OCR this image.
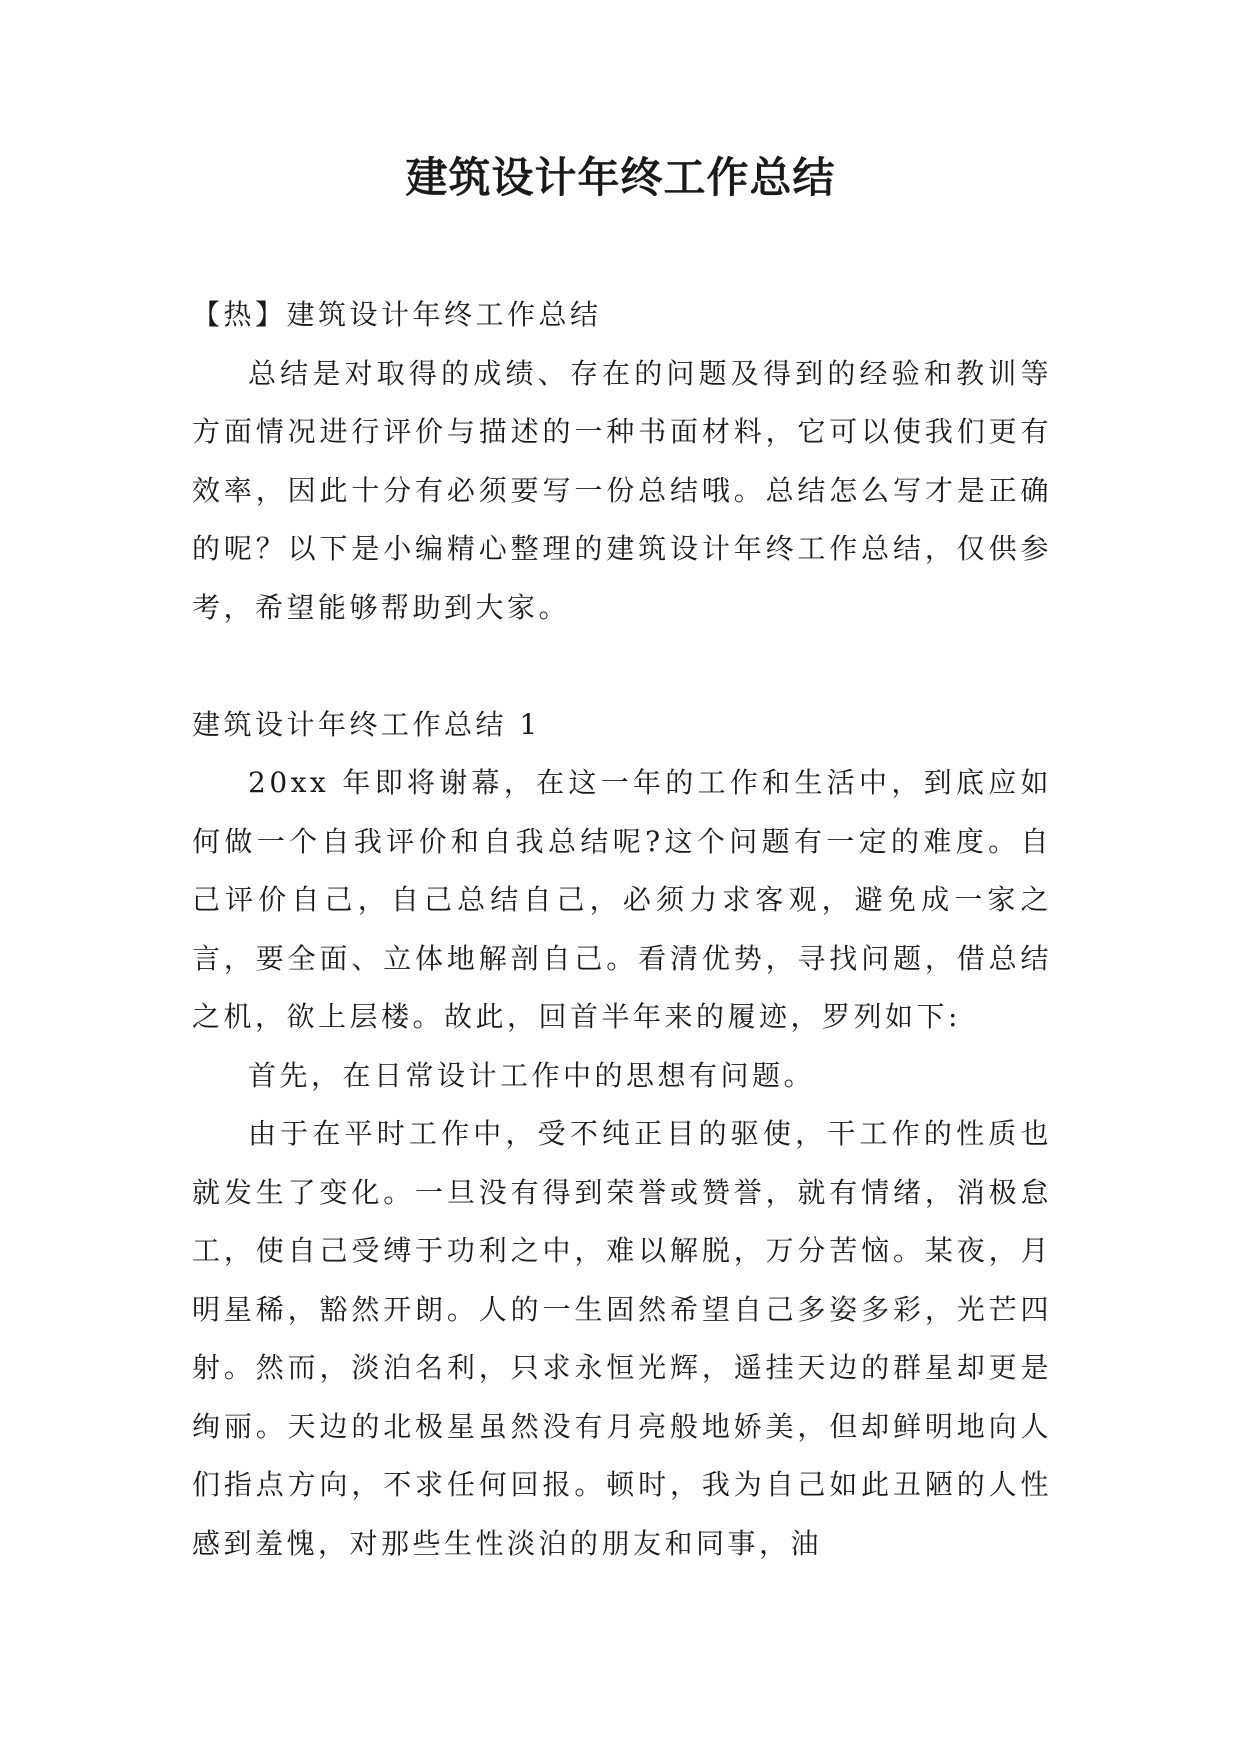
建筑设计年终工作总结

【热】建筑设计年终工作总结

总结是对取得的成绩、存在的问题及得到的经验和教训等方面情况进行评价与描述的一种书面材料，它可以使我们更有效率，因此十分有必须要写一份总结哦。总结怎么写才是正确的呢？以下是小编精心整理的建筑设计年终工作总结，仅供参考，希望能够帮助到大家。

建筑设计年终工作总结 1

20xx 年即将谢幕，在这一年的工作和生活中，到底应如何做一个自我评价和自我总结呢?这个问题有一定的难度。自己评价自己，自己总结自己，必须力求客观，避免成一家之言，要全面、立体地解剖自己。看清优势，寻找问题，借总结之机，欲上层楼。故此，回首半年来的履迹，罗列如下:

首先，在日常设计工作中的思想有问题。

由于在平时工作中，受不纯正目的驱使，干工作的性质也就发生了变化。一旦没有得到荣誉或赞誉，就有情绪，消极怠工，使自己受缚于功利之中，难以解脱，万分苦恼。某夜，月明星稀，豁然开朗。人的一生固然希望自己多姿多彩，光芒四射。然而，淡泊名利，只求永恒光辉，遥挂天边的群星却更是绚丽。天边的北极星虽然没有月亮般地娇美，但却鲜明地向人们指点方向，不求任何回报。顿时，我为自己如此丑陋的人性感到羞愧，对那些生性淡泊的朋友和同事，油
